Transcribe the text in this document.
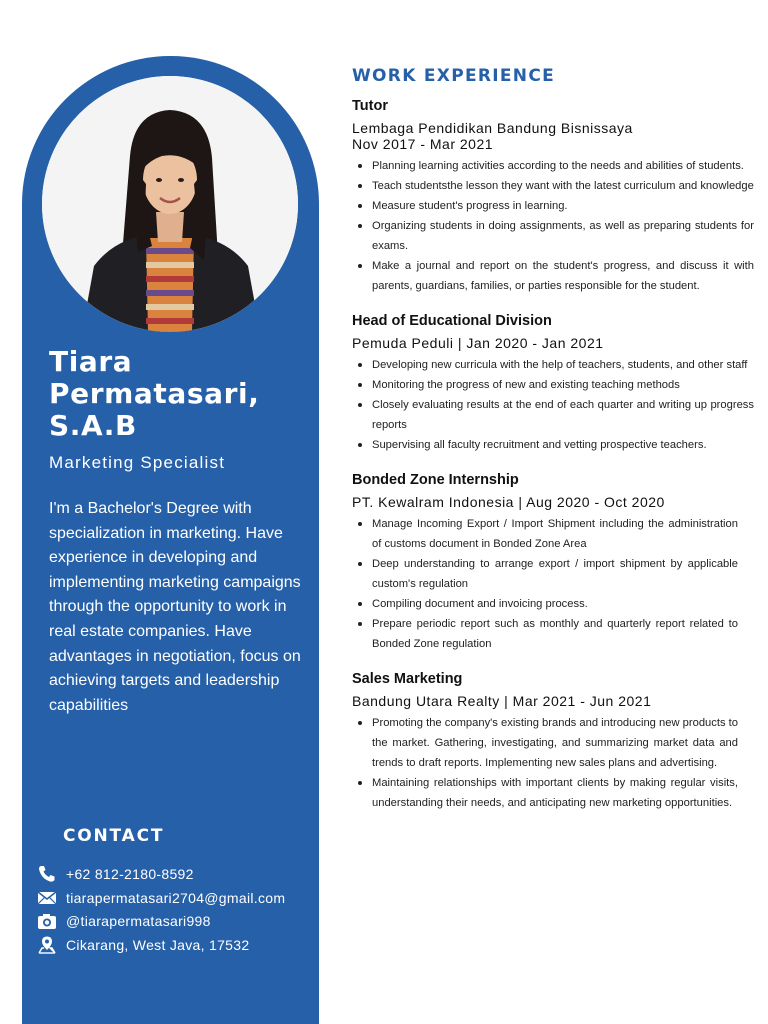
Tiara Permatasari, S.A.B
Marketing Specialist
I'm a Bachelor's Degree with specialization in marketing. Have experience in developing and implementing marketing campaigns through the opportunity to work in real estate companies. Have advantages in negotiation, focus on achieving targets and leadership capabilities
CONTACT
+62 812-2180-8592
tiarapermatasari2704@gmail.com
@tiarapermatasari998
Cikarang, West Java, 17532
WORK EXPERIENCE
Tutor
Lembaga Pendidikan Bandung Bisnissaya
Nov 2017 - Mar 2021
Planning learning activities according to the needs and abilities of students.
Teach studentsthe lesson they want with the latest curriculum and knowledge
Measure student's progress in learning.
Organizing students in doing assignments, as well as preparing students for exams.
Make a journal and report on the student's progress, and discuss it with parents, guardians, families, or parties responsible for the student.
Head of Educational Division
Pemuda Peduli | Jan 2020 - Jan 2021
Developing new curricula with the help of teachers, students, and other staff
Monitoring the progress of new and existing teaching methods
Closely evaluating results at the end of each quarter and writing up progress reports
Supervising all faculty recruitment and vetting prospective teachers.
Bonded Zone Internship
PT. Kewalram Indonesia | Aug 2020 - Oct 2020
Manage Incoming Export / Import Shipment including the administration of customs document in Bonded Zone Area
Deep understanding to arrange export / import shipment by applicable custom's regulation
Compiling document and invoicing process.
Prepare periodic report such as monthly and quarterly report related to Bonded Zone regulation
Sales Marketing
Bandung Utara Realty | Mar 2021 - Jun 2021
Promoting the company's existing brands and introducing new products to the market. Gathering, investigating, and summarizing market data and trends to draft reports. Implementing new sales plans and advertising.
Maintaining relationships with important clients by making regular visits, understanding their needs, and anticipating new marketing opportunities.
